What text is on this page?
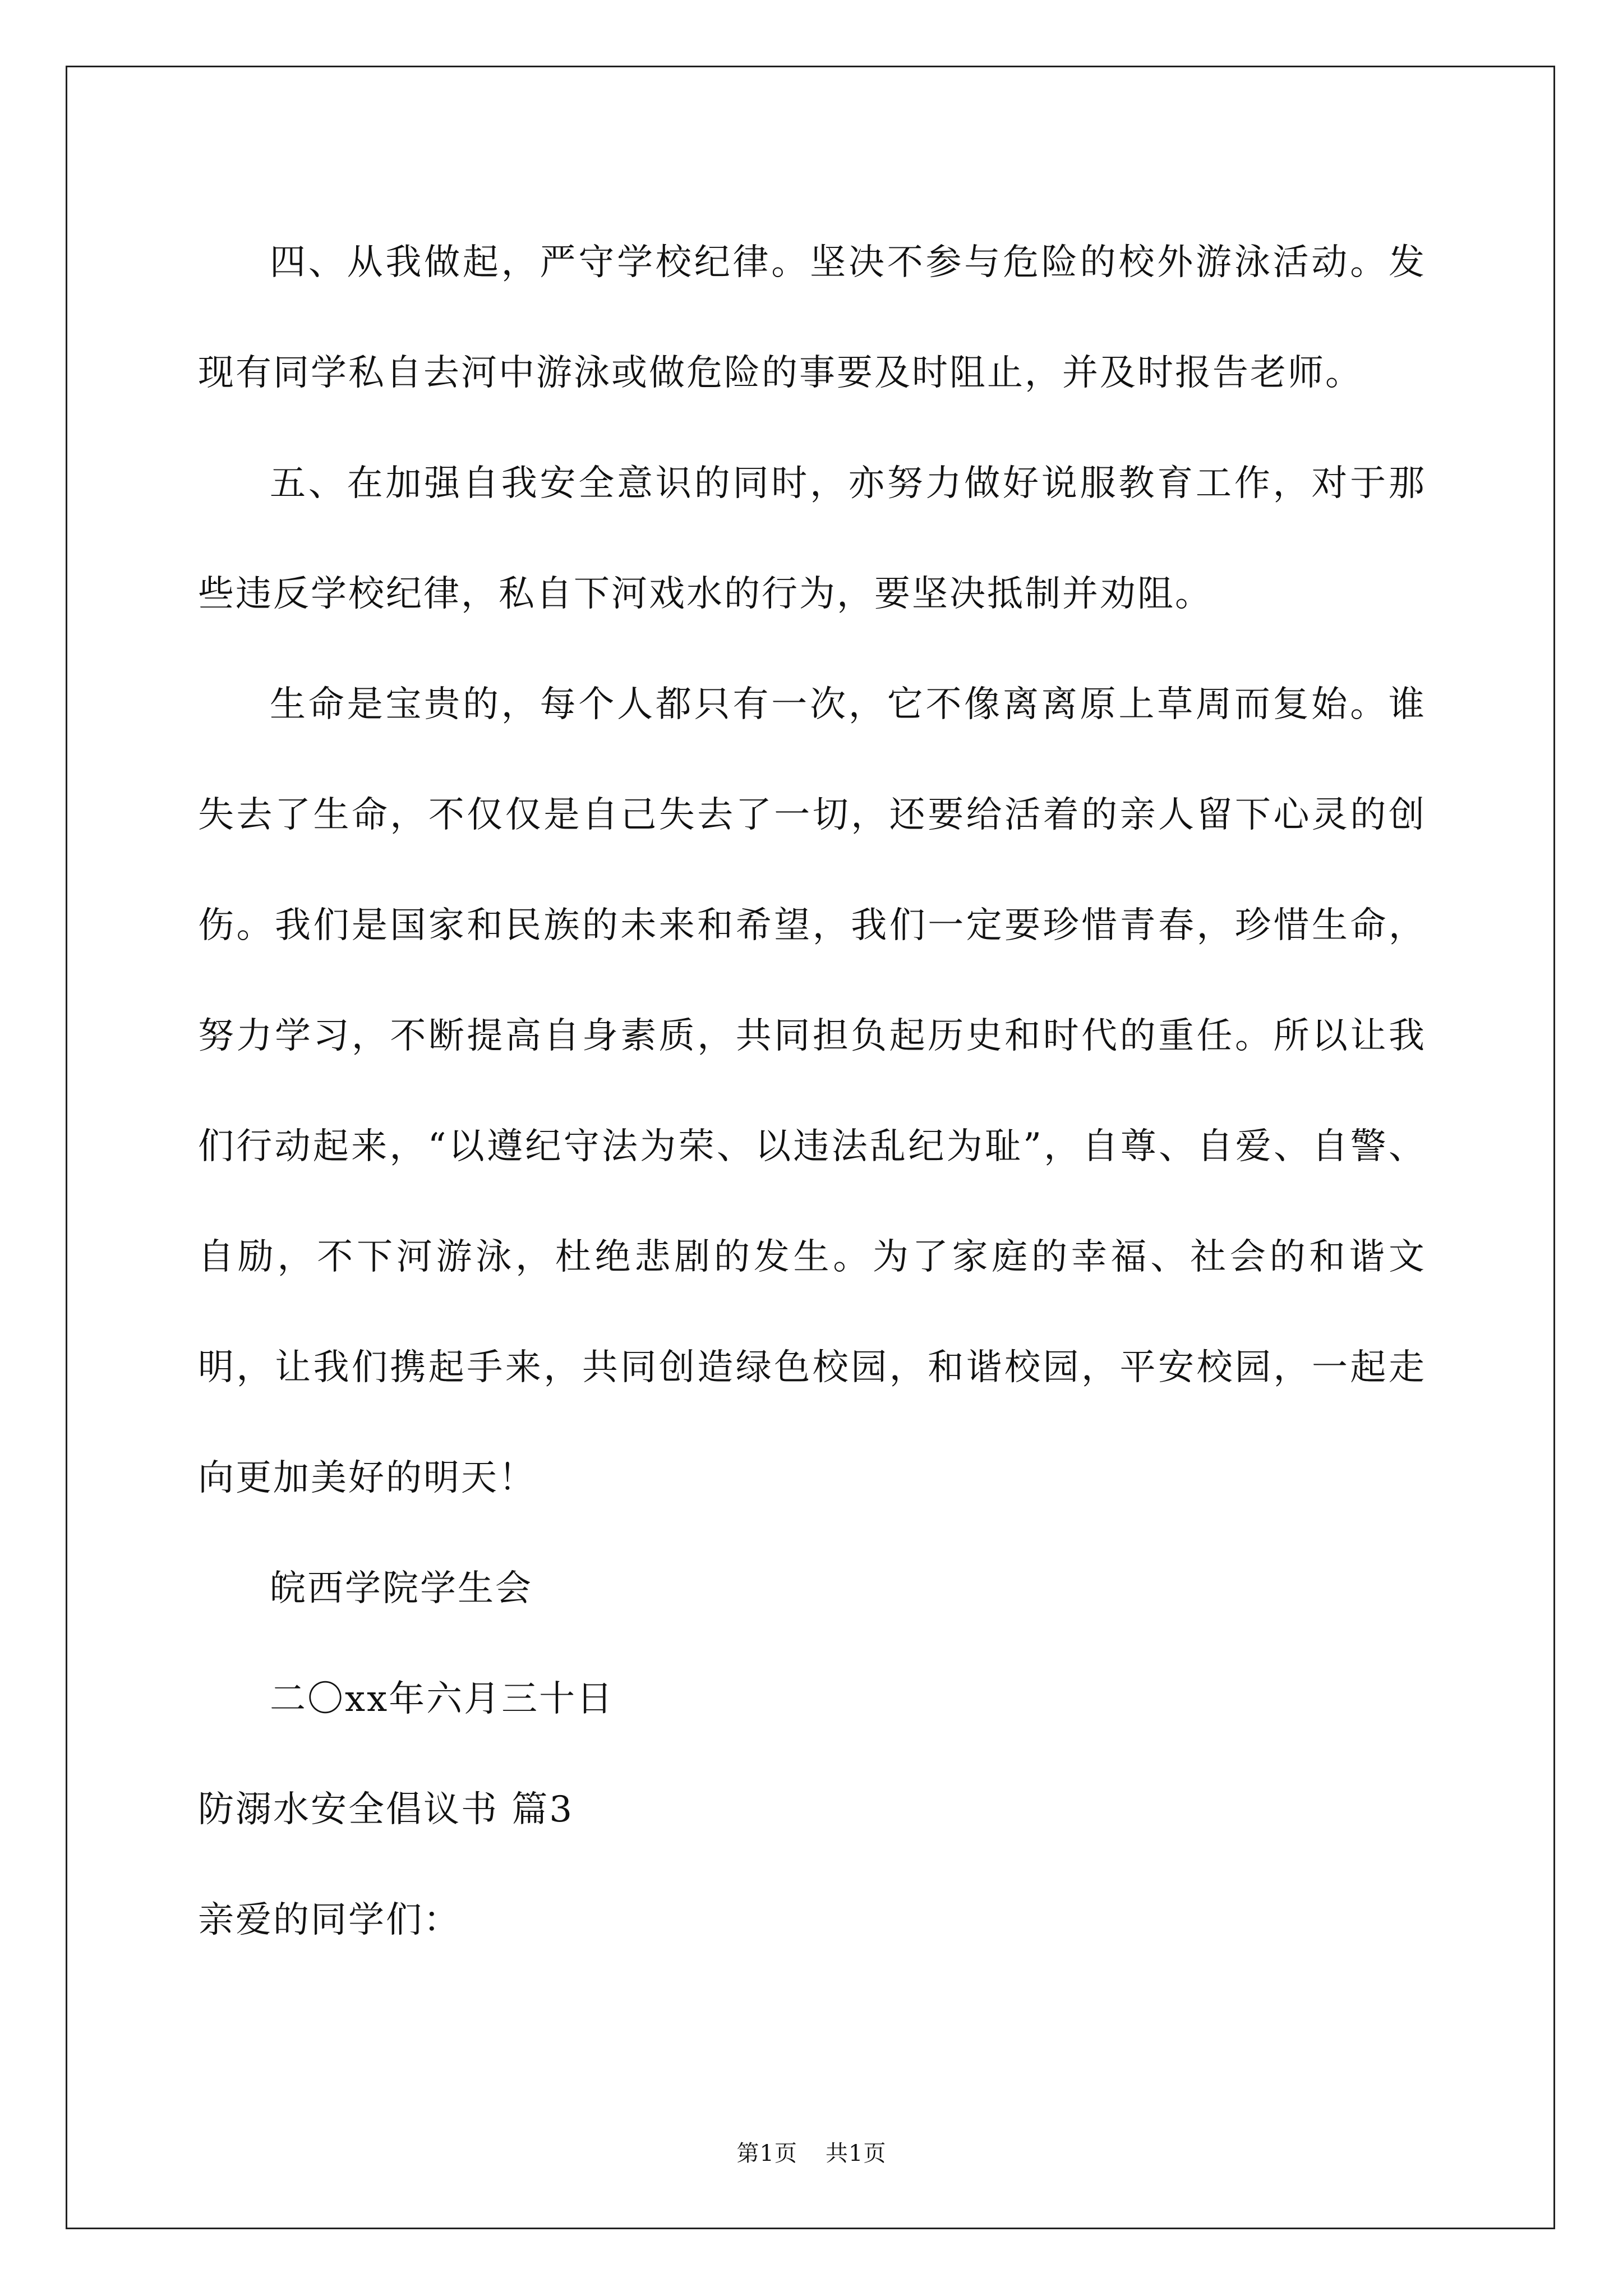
四、从我做起，严守学校纪律。坚决不参与危险的校外游泳活动。发现有同学私自去河中游泳或做危险的事要及时阻止，并及时报告老师。

五、在加强自我安全意识的同时，亦努力做好说服教育工作，对于那些违反学校纪律，私自下河戏水的行为，要坚决抵制并劝阻。

生命是宝贵的，每个人都只有一次，它不像离离原上草周而复始。谁失去了生命，不仅仅是自己失去了一切，还要给活着的亲人留下心灵的创伤。我们是国家和民族的未来和希望，我们一定要珍惜青春，珍惜生命，努力学习，不断提高自身素质，共同担负起历史和时代的重任。所以让我们行动起来，“以遵纪守法为荣、以违法乱纪为耻”，自尊、自爱、自警、自励，不下河游泳，杜绝悲剧的发生。为了家庭的幸福、社会的和谐文明，让我们携起手来，共同创造绿色校园，和谐校园，平安校园，一起走向更加美好的明天！

皖西学院学生会

二〇xx年六月三十日

防溺水安全倡议书 篇3

亲爱的同学们：

第1页 共1页
